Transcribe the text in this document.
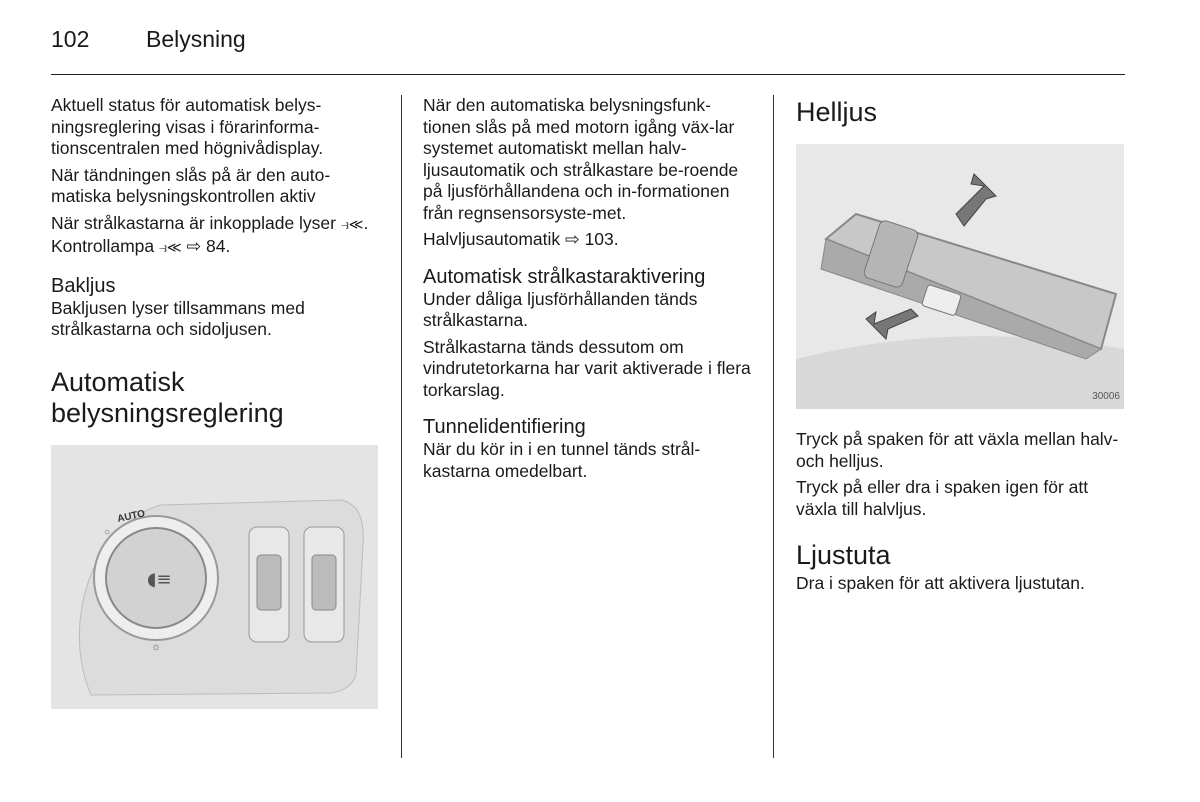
102 Belysning

Aktuell status för automatisk belys-ningsreglering visas i förarinforma-tionscentralen med högnivådisplay.

När tändningen slås på är den auto-matiska belysningskontrollen aktiv

När strålkastarna är inkopplade lyser ⥽≪. Kontrollampa ⥽≪ ⇨ 84.

Bakljus

Bakljusen lyser tillsammans med strålkastarna och sidoljusen.

Automatisk belysningsreglering
◖≡
AUTO
○
☼

När den automatiska belysningsfunk-tionen slås på med motorn igång väx-lar systemet automatiskt mellan halv-ljusautomatik och strålkastare be-roende på ljusförhållandena och in-formationen från regnsensorsyste-met.

Halvljusautomatik ⇨ 103.

Automatisk strålkastaraktivering

Under dåliga ljusförhållanden tänds strålkastarna.

Strålkastarna tänds dessutom om vindrutetorkarna har varit aktiverade i flera torkarslag.

Tunnelidentifiering

När du kör in i en tunnel tänds strål-kastarna omedelbart.

Helljus
30006

Tryck på spaken för att växla mellan halv- och helljus.

Tryck på eller dra i spaken igen för att växla till halvljus.

Ljustuta

Dra i spaken för att aktivera ljustutan.
